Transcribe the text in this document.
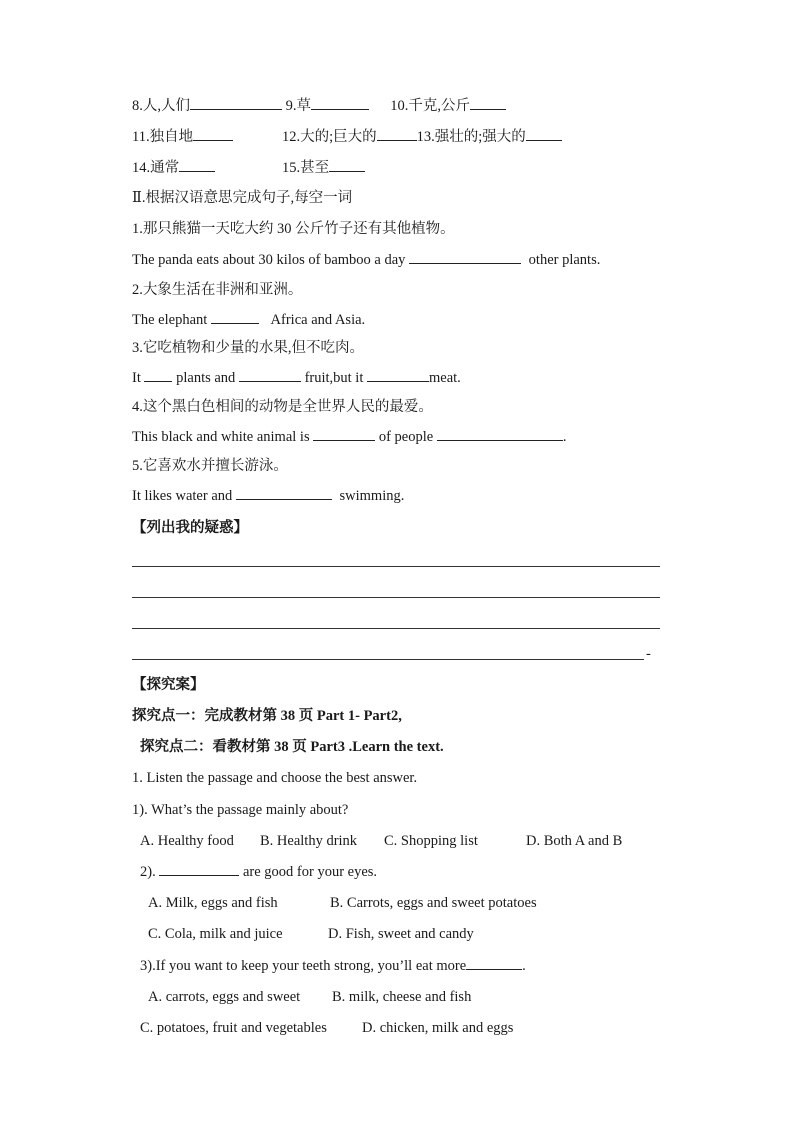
8.人,人们	9.草	10.千克,公斤
11.独自地	12.大的;巨大的	13.强壮的;强大的
14.通常	15.甚至
Ⅱ.根据汉语意思完成句子,每空一词
1.那只熊猫一天吃大约 30 公斤竹子还有其他植物。
The panda eats about 30 kilos of bamboo a day	other plants.
2.大象生活在非洲和亚洲。
The elephant	Africa and Asia.
3.它吃植物和少量的水果,但不吃肉。
It plants and	fruit,but it	meat.
4.这个黑白色相间的动物是全世界人民的最爱。
This black and white animal is	of people	.
5.它喜欢水并擅长游泳。
It likes water and	swimming.
【列出我的疑惑】
-
【探究案】
探究点一：完成教材第 38 页 Part 1- Part2,
探究点二：看教材第 38 页 Part3 .Learn the text.
1. Listen the passage and choose the best answer.
1). What’s the passage mainly about?
A. Healthy food B. Healthy drink C. Shopping list	D. Both A and B
2).	are good for your eyes.
A. Milk, eggs and fish	B. Carrots, eggs and sweet potatoes
C. Cola, milk and juice	D. Fish, sweet and candy
3).If you want to keep your teeth strong, you’ll eat more	.
A. carrots, eggs and sweet B. milk, cheese and fish
C. potatoes, fruit and vegetables D. chicken, milk and eggs
